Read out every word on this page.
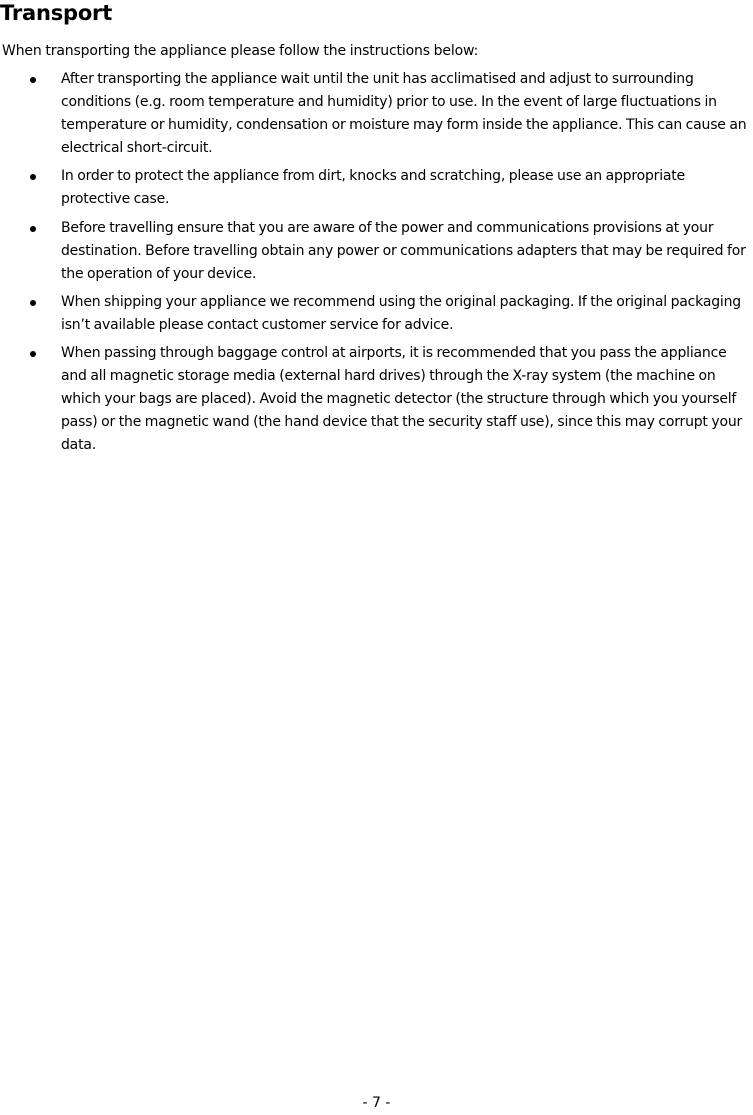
Transport

When transporting the appliance please follow the instructions below:

After transporting the appliance wait until the unit has acclimatised and adjust to surrounding conditions (e.g. room temperature and humidity) prior to use. In the event of large fluctuations in temperature or humidity, condensation or moisture may form inside the appliance. This can cause an electrical short-circuit.
In order to protect the appliance from dirt, knocks and scratching, please use an appropriate protective case.
Before travelling ensure that you are aware of the power and communications provisions at your destination. Before travelling obtain any power or communications adapters that may be required for the operation of your device.
When shipping your appliance we recommend using the original packaging. If the original packaging isn’t available please contact customer service for advice.
When passing through baggage control at airports, it is recommended that you pass the appliance and all magnetic storage media (external hard drives) through the X-ray system (the machine on which your bags are placed). Avoid the magnetic detector (the structure through which you yourself pass) or the magnetic wand (the hand device that the security staff use), since this may corrupt your data.
- 7 -
